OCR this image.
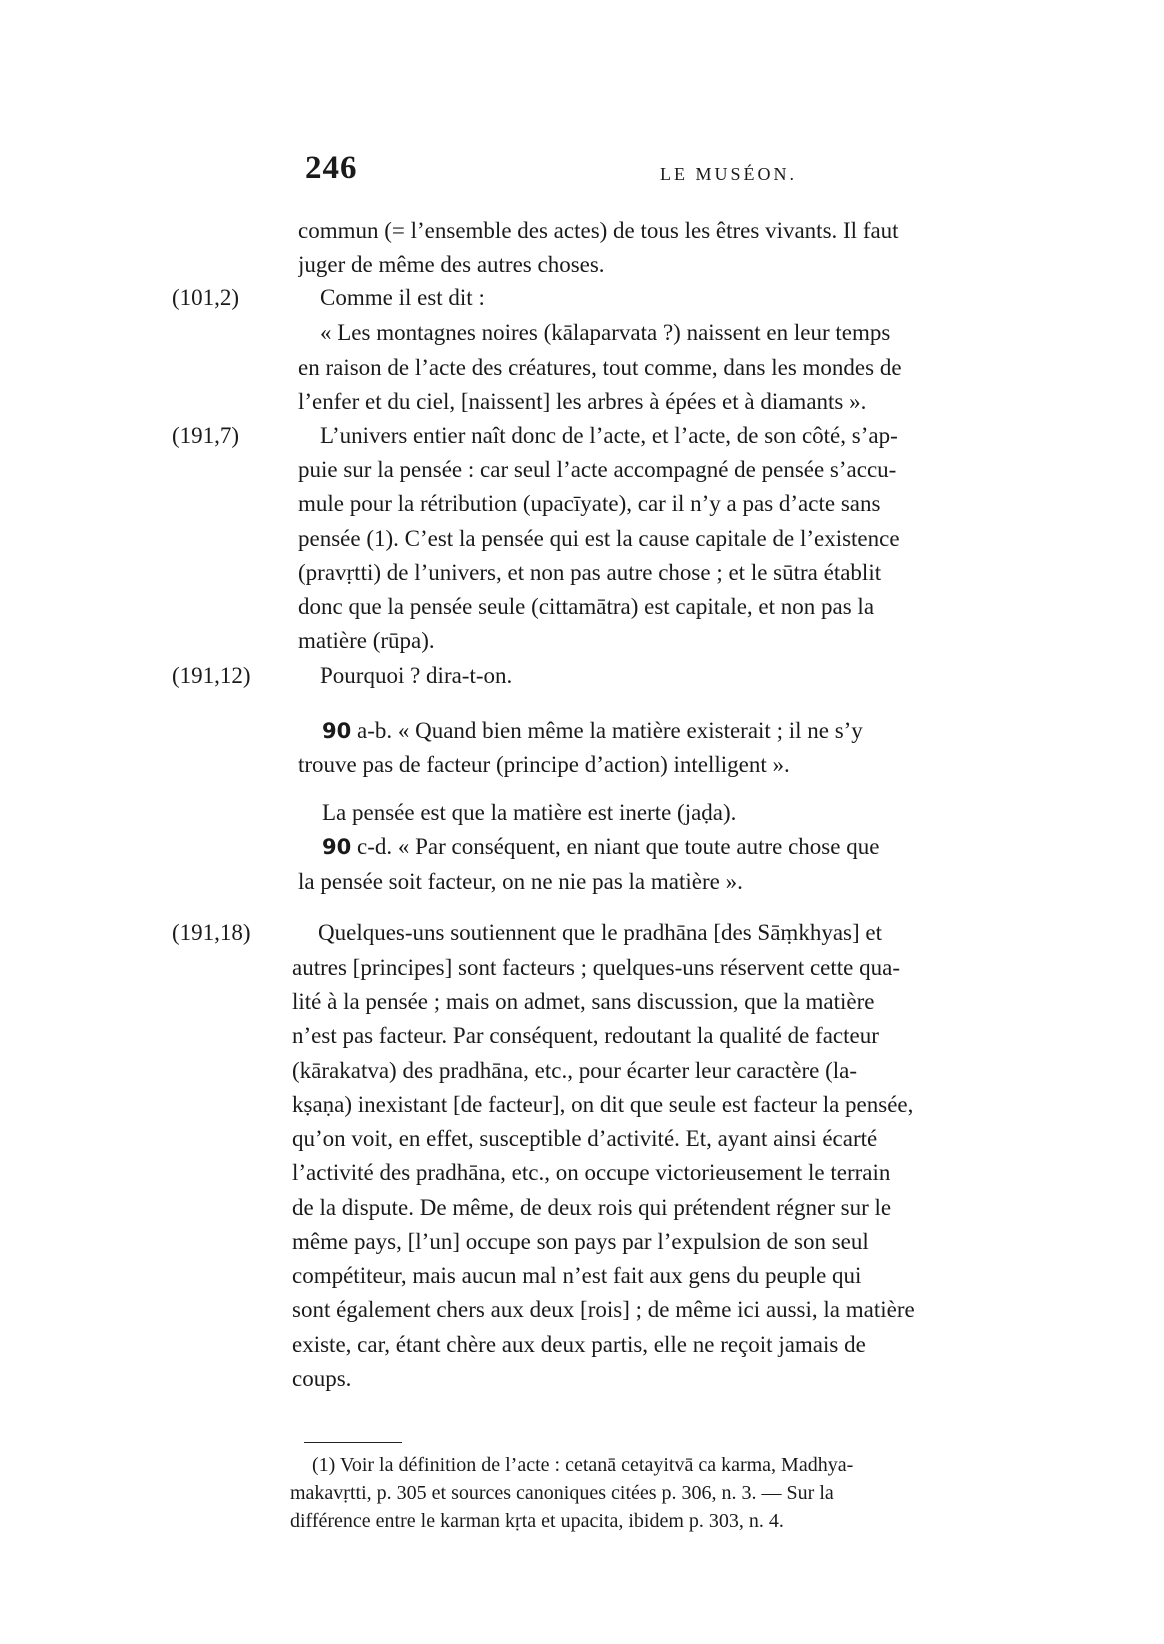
246	LE MUSÉON.
(101,2)
(191,7)
(191,12)
(191,18)
commun (= l’ensemble des actes) de tous les êtres vivants. Il faut
juger de même des autres choses.
Comme il est dit :
« Les montagnes noires (kālaparvata ?) naissent en leur temps
en raison de l’acte des créatures, tout comme, dans les mondes de
l’enfer et du ciel, [naissent] les arbres à épées et à diamants ».
L’univers entier naît donc de l’acte, et l’acte, de son côté, s’ap-
puie sur la pensée : car seul l’acte accompagné de pensée s’accu-
mule pour la rétribution (upacīyate), car il n’y a pas d’acte sans
pensée (1). C’est la pensée qui est la cause capitale de l’existence
(pravṛtti) de l’univers, et non pas autre chose ; et le sūtra établit
donc que la pensée seule (cittamātra) est capitale, et non pas la
matière (rūpa).
Pourquoi ? dira-t-on.
90 a-b. « Quand bien même la matière existerait ; il ne s’y
trouve pas de facteur (principe d’action) intelligent ».
La pensée est que la matière est inerte (jaḍa).
90 c-d. « Par conséquent, en niant que toute autre chose que
la pensée soit facteur, on ne nie pas la matière ».
Quelques-uns soutiennent que le pradhāna [des Sāṃkhyas] et
autres [principes] sont facteurs ; quelques-uns réservent cette qua-
lité à la pensée ; mais on admet, sans discussion, que la matière
n’est pas facteur. Par conséquent, redoutant la qualité de facteur
(kārakatva) des pradhāna, etc., pour écarter leur caractère (la-
kṣaṇa) inexistant [de facteur], on dit que seule est facteur la pensée,
qu’on voit, en effet, susceptible d’activité. Et, ayant ainsi écarté
l’activité des pradhāna, etc., on occupe victorieusement le terrain
de la dispute. De même, de deux rois qui prétendent régner sur le
même pays, [l’un] occupe son pays par l’expulsion de son seul
compétiteur, mais aucun mal n’est fait aux gens du peuple qui
sont également chers aux deux [rois] ; de même ici aussi, la matière
existe, car, étant chère aux deux partis, elle ne reçoit jamais de
coups.
(1) Voir la définition de l’acte : cetanā cetayitvā ca karma, Madhya-
makavṛtti, p. 305 et sources canoniques citées p. 306, n. 3. — Sur la
différence entre le karman kṛta et upacita, ibidem p. 303, n. 4.
